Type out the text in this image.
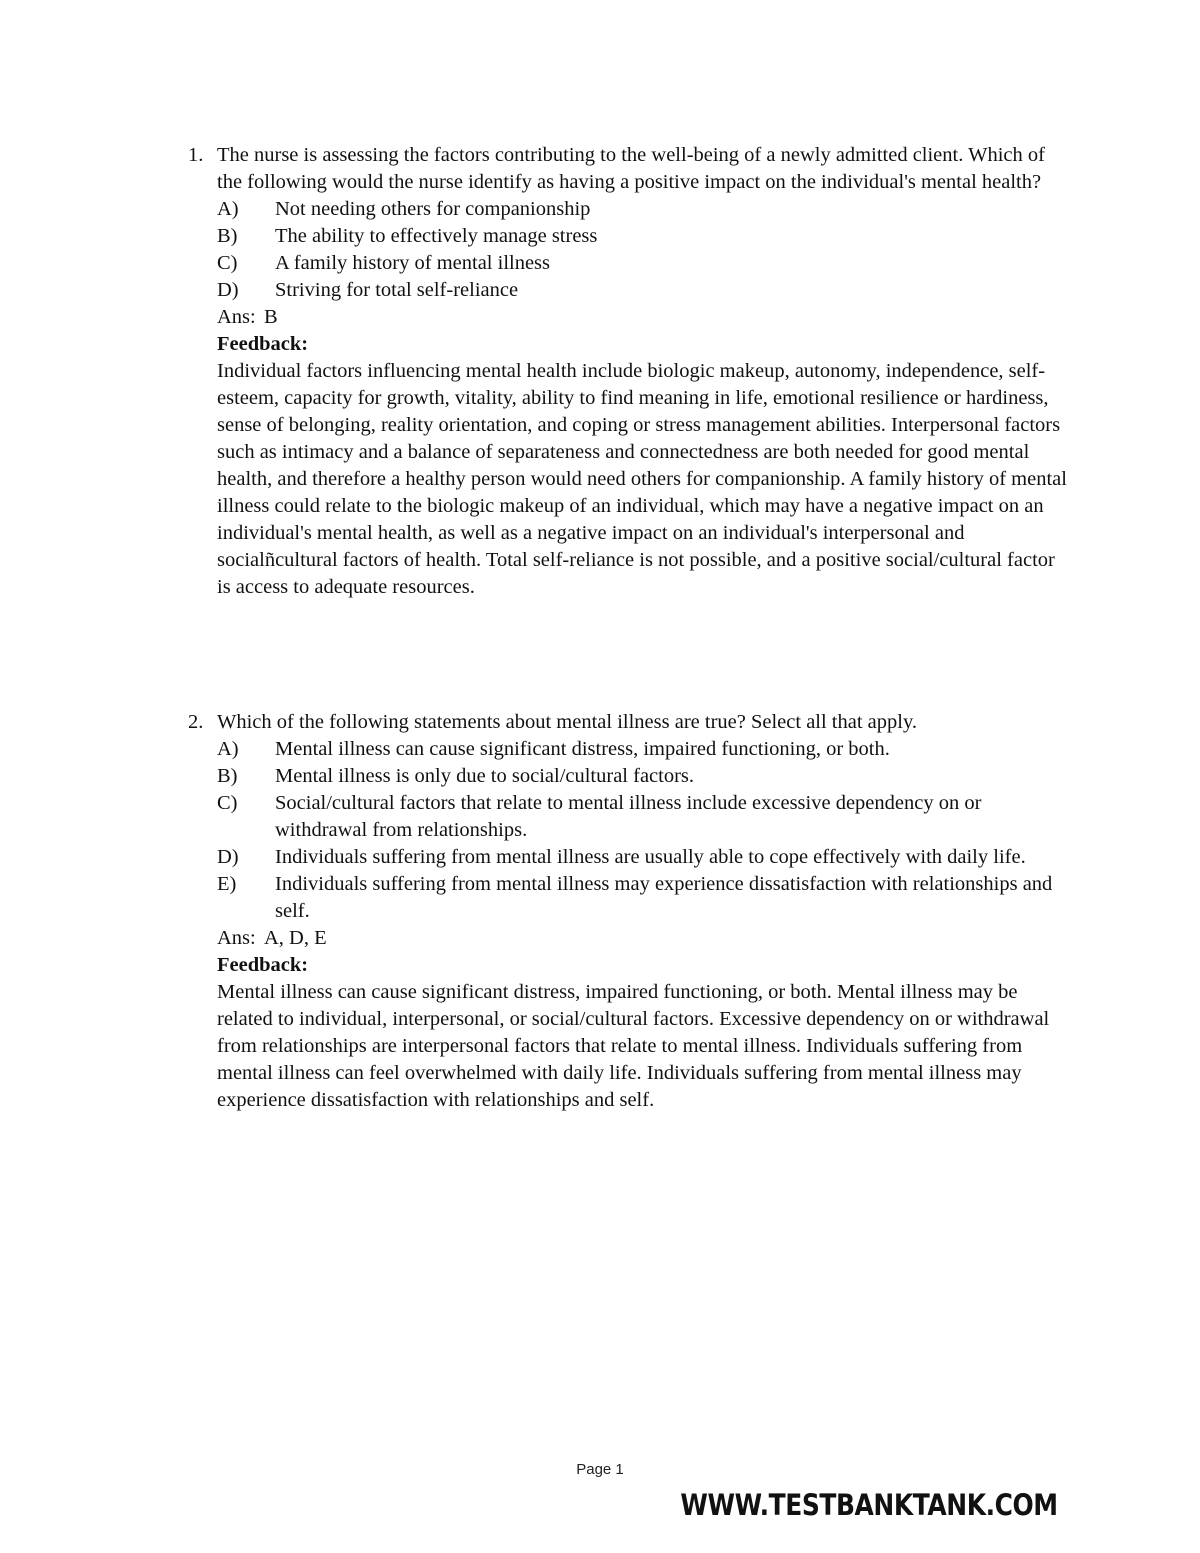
1. The nurse is assessing the factors contributing to the well-being of a newly admitted client. Which of the following would the nurse identify as having a positive impact on the individual's mental health?

A)	Not needing others for companionship
B)	The ability to effectively manage stress
C)	A family history of mental illness
D)	Striving for total self-reliance
Ans: B
Feedback:

Individual factors influencing mental health include biologic makeup, autonomy, independence, self-esteem, capacity for growth, vitality, ability to find meaning in life, emotional resilience or hardiness, sense of belonging, reality orientation, and coping or stress management abilities. Interpersonal factors such as intimacy and a balance of separateness and connectedness are both needed for good mental health, and therefore a healthy person would need others for companionship. A family history of mental illness could relate to the biologic makeup of an individual, which may have a negative impact on an individual's mental health, as well as a negative impact on an individual's interpersonal and socialñcultural factors of health. Total self-reliance is not possible, and a positive social/cultural factor is access to adequate resources.

2. Which of the following statements about mental illness are true? Select all that apply.

A)	Mental illness can cause significant distress, impaired functioning, or both.
B)	Mental illness is only due to social/cultural factors.
C)	Social/cultural factors that relate to mental illness include excessive dependency on or withdrawal from relationships.
D)	Individuals suffering from mental illness are usually able to cope effectively with daily life.
E)	Individuals suffering from mental illness may experience dissatisfaction with relationships and self.
Ans: A, D, E
Feedback:

Mental illness can cause significant distress, impaired functioning, or both. Mental illness may be related to individual, interpersonal, or social/cultural factors. Excessive dependency on or withdrawal from relationships are interpersonal factors that relate to mental illness. Individuals suffering from mental illness can feel overwhelmed with daily life. Individuals suffering from mental illness may experience dissatisfaction with relationships and self.

Page 1
WWW.TESTBANKTANK.COM
